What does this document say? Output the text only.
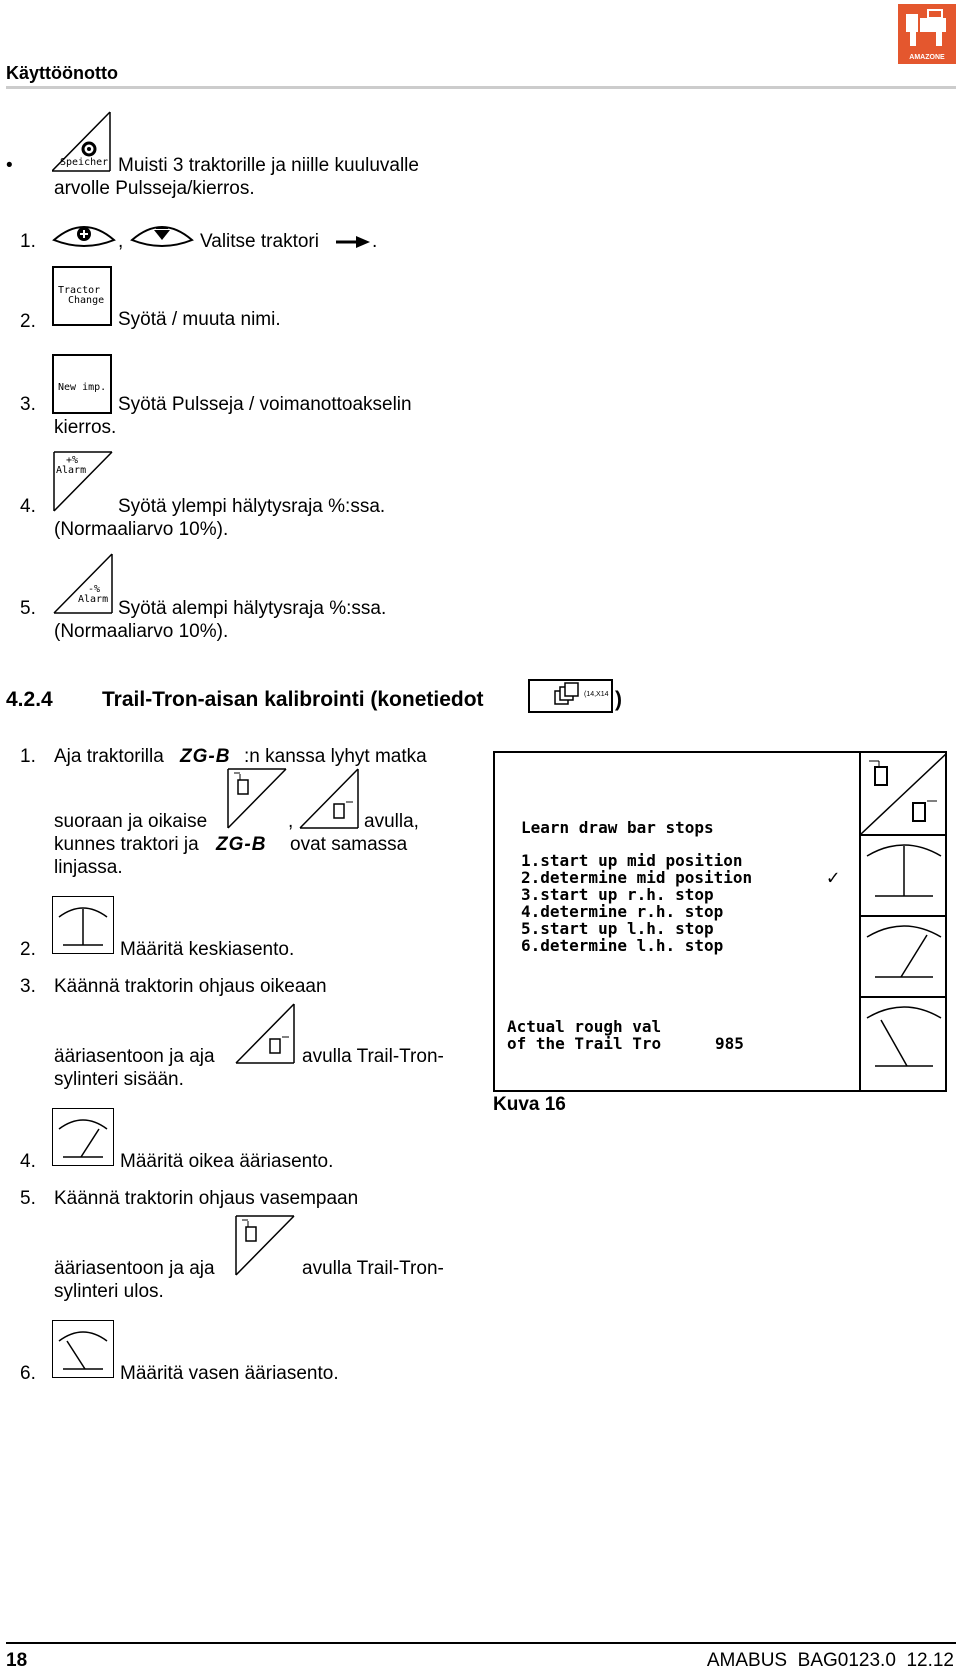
Käyttöönotto
AMAZONE
•	Speicher Muisti 3 traktorille ja niille kuuluvalle
arvolle Pulsseja/kierros.
1.	,	Valitse traktori	.
Tractor
Change
2.	Syötä / muuta nimi.
New imp.
3.	Syötä Pulsseja / voimanottoakselin
kierros.
+%
Alarm
4.	Syötä ylempi hälytysraja %:ssa.
(Normaaliarvo 10%).
-%
Alarm
5.	Syötä alempi hälytysraja %:ssa.
(Normaaliarvo 10%).
4.2.4 Trail-Tron-aisan kalibrointi (konetiedot	(14,X14 )
1. Aja traktorilla ZG-B :n kanssa lyhyt matka
suoraan ja oikaise	,	avulla,
kunnes traktori ja ZG-B ovat samassa
linjassa.
2.	Määritä keskiasento.
3. Käännä traktorin ohjaus oikeaan
ääriasentoon ja aja	avulla Trail-Tron-
sylinteri sisään.
4.	Määritä oikea ääriasento.
5. Käännä traktorin ohjaus vasempaan
ääriasentoon ja aja	avulla Trail-Tron-
sylinteri ulos.
6.	Määritä vasen ääriasento.
Learn draw bar stops
1.start up mid position
2.determine mid position
3.start up r.h. stop
4.determine r.h. stop
5.start up l.h. stop
6.determine l.h. stop
✓
Actual rough val
of the Trail Tro	985
Kuva 16
18	AMABUS  BAG0123.0  12.12
